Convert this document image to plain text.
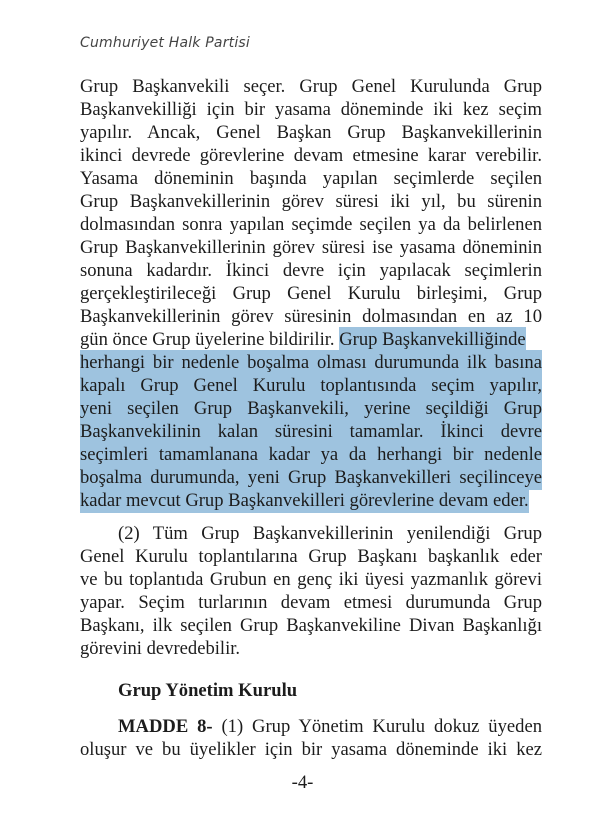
Cumhuriyet Halk Partisi
Grup Başkanvekili seçer. Grup Genel Kurulunda Grup
Başkanvekilliği için bir yasama döneminde iki kez seçim
yapılır. Ancak, Genel Başkan Grup Başkanvekillerinin
ikinci devrede görevlerine devam etmesine karar verebilir.
Yasama döneminin başında yapılan seçimlerde seçilen
Grup Başkanvekillerinin görev süresi iki yıl, bu sürenin
dolmasından sonra yapılan seçimde seçilen ya da belirlenen
Grup Başkanvekillerinin görev süresi ise yasama döneminin
sonuna kadardır. İkinci devre için yapılacak seçimlerin
gerçekleştirileceği Grup Genel Kurulu birleşimi, Grup
Başkanvekillerinin görev süresinin dolmasından en az 10
gün önce Grup üyelerine bildirilir. Grup Başkanvekilliğinde
herhangi bir nedenle boşalma olması durumunda ilk basına
kapalı Grup Genel Kurulu toplantısında seçim yapılır,
yeni seçilen Grup Başkanvekili, yerine seçildiği Grup
Başkanvekilinin kalan süresini tamamlar. İkinci devre
seçimleri tamamlanana kadar ya da herhangi bir nedenle
boşalma durumunda, yeni Grup Başkanvekilleri seçilinceye
kadar mevcut Grup Başkanvekilleri görevlerine devam eder.
(2) Tüm Grup Başkanvekillerinin yenilendiği Grup
Genel Kurulu toplantılarına Grup Başkanı başkanlık eder
ve bu toplantıda Grubun en genç iki üyesi yazmanlık görevi
yapar. Seçim turlarının devam etmesi durumunda Grup
Başkanı, ilk seçilen Grup Başkanvekiline Divan Başkanlığı
görevini devredebilir.
Grup Yönetim Kurulu
MADDE 8- (1) Grup Yönetim Kurulu dokuz üyeden
oluşur ve bu üyelikler için bir yasama döneminde iki kez
-4-
